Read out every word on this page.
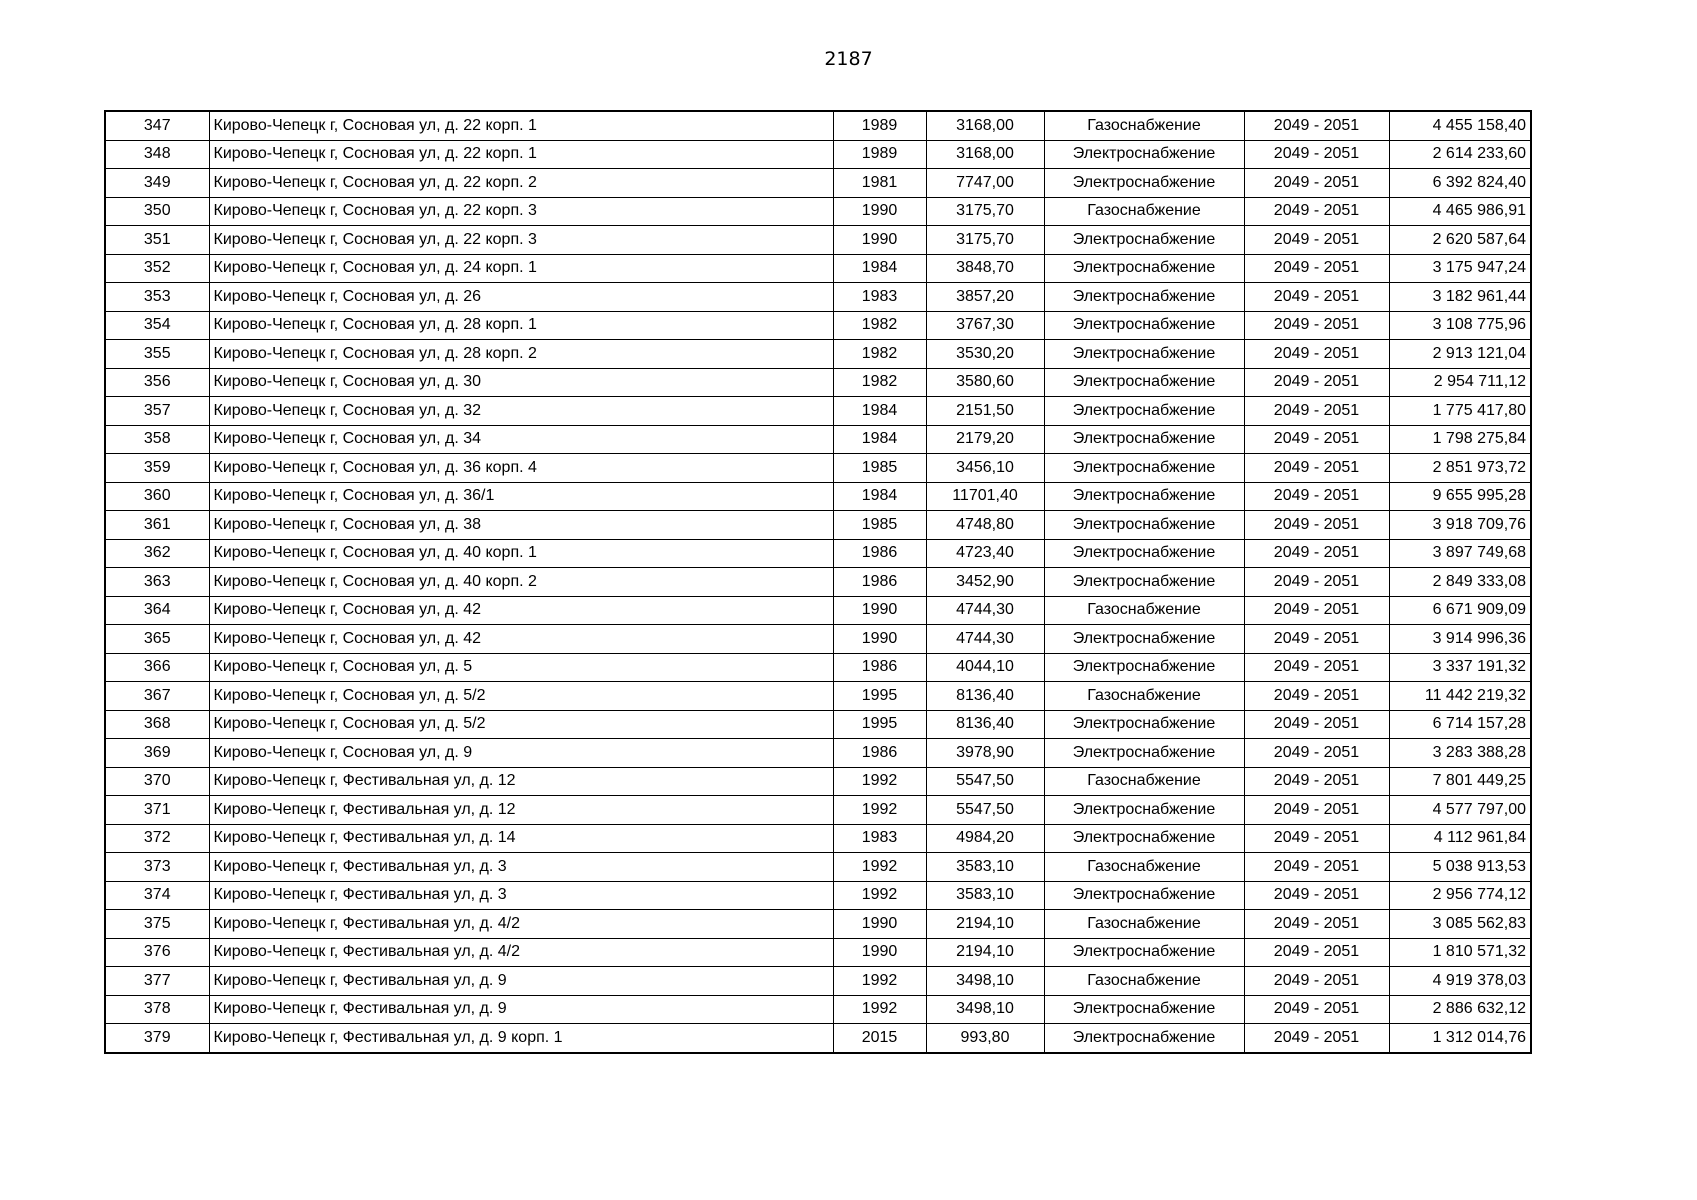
2187
347	Кирово-Чепецк г, Сосновая ул, д. 22 корп. 1	1989	3168,00	Газоснабжение	2049 - 2051	4 455 158,40
348	Кирово-Чепецк г, Сосновая ул, д. 22 корп. 1	1989	3168,00	Электроснабжение	2049 - 2051	2 614 233,60
349	Кирово-Чепецк г, Сосновая ул, д. 22 корп. 2	1981	7747,00	Электроснабжение	2049 - 2051	6 392 824,40
350	Кирово-Чепецк г, Сосновая ул, д. 22 корп. 3	1990	3175,70	Газоснабжение	2049 - 2051	4 465 986,91
351	Кирово-Чепецк г, Сосновая ул, д. 22 корп. 3	1990	3175,70	Электроснабжение	2049 - 2051	2 620 587,64
352	Кирово-Чепецк г, Сосновая ул, д. 24 корп. 1	1984	3848,70	Электроснабжение	2049 - 2051	3 175 947,24
353	Кирово-Чепецк г, Сосновая ул, д. 26	1983	3857,20	Электроснабжение	2049 - 2051	3 182 961,44
354	Кирово-Чепецк г, Сосновая ул, д. 28 корп. 1	1982	3767,30	Электроснабжение	2049 - 2051	3 108 775,96
355	Кирово-Чепецк г, Сосновая ул, д. 28 корп. 2	1982	3530,20	Электроснабжение	2049 - 2051	2 913 121,04
356	Кирово-Чепецк г, Сосновая ул, д. 30	1982	3580,60	Электроснабжение	2049 - 2051	2 954 711,12
357	Кирово-Чепецк г, Сосновая ул, д. 32	1984	2151,50	Электроснабжение	2049 - 2051	1 775 417,80
358	Кирово-Чепецк г, Сосновая ул, д. 34	1984	2179,20	Электроснабжение	2049 - 2051	1 798 275,84
359	Кирово-Чепецк г, Сосновая ул, д. 36 корп. 4	1985	3456,10	Электроснабжение	2049 - 2051	2 851 973,72
360	Кирово-Чепецк г, Сосновая ул, д. 36/1	1984	11701,40	Электроснабжение	2049 - 2051	9 655 995,28
361	Кирово-Чепецк г, Сосновая ул, д. 38	1985	4748,80	Электроснабжение	2049 - 2051	3 918 709,76
362	Кирово-Чепецк г, Сосновая ул, д. 40 корп. 1	1986	4723,40	Электроснабжение	2049 - 2051	3 897 749,68
363	Кирово-Чепецк г, Сосновая ул, д. 40 корп. 2	1986	3452,90	Электроснабжение	2049 - 2051	2 849 333,08
364	Кирово-Чепецк г, Сосновая ул, д. 42	1990	4744,30	Газоснабжение	2049 - 2051	6 671 909,09
365	Кирово-Чепецк г, Сосновая ул, д. 42	1990	4744,30	Электроснабжение	2049 - 2051	3 914 996,36
366	Кирово-Чепецк г, Сосновая ул, д. 5	1986	4044,10	Электроснабжение	2049 - 2051	3 337 191,32
367	Кирово-Чепецк г, Сосновая ул, д. 5/2	1995	8136,40	Газоснабжение	2049 - 2051	11 442 219,32
368	Кирово-Чепецк г, Сосновая ул, д. 5/2	1995	8136,40	Электроснабжение	2049 - 2051	6 714 157,28
369	Кирово-Чепецк г, Сосновая ул, д. 9	1986	3978,90	Электроснабжение	2049 - 2051	3 283 388,28
370	Кирово-Чепецк г, Фестивальная ул, д. 12	1992	5547,50	Газоснабжение	2049 - 2051	7 801 449,25
371	Кирово-Чепецк г, Фестивальная ул, д. 12	1992	5547,50	Электроснабжение	2049 - 2051	4 577 797,00
372	Кирово-Чепецк г, Фестивальная ул, д. 14	1983	4984,20	Электроснабжение	2049 - 2051	4 112 961,84
373	Кирово-Чепецк г, Фестивальная ул, д. 3	1992	3583,10	Газоснабжение	2049 - 2051	5 038 913,53
374	Кирово-Чепецк г, Фестивальная ул, д. 3	1992	3583,10	Электроснабжение	2049 - 2051	2 956 774,12
375	Кирово-Чепецк г, Фестивальная ул, д. 4/2	1990	2194,10	Газоснабжение	2049 - 2051	3 085 562,83
376	Кирово-Чепецк г, Фестивальная ул, д. 4/2	1990	2194,10	Электроснабжение	2049 - 2051	1 810 571,32
377	Кирово-Чепецк г, Фестивальная ул, д. 9	1992	3498,10	Газоснабжение	2049 - 2051	4 919 378,03
378	Кирово-Чепецк г, Фестивальная ул, д. 9	1992	3498,10	Электроснабжение	2049 - 2051	2 886 632,12
379	Кирово-Чепецк г, Фестивальная ул, д. 9 корп. 1	2015	993,80	Электроснабжение	2049 - 2051	1 312 014,76
